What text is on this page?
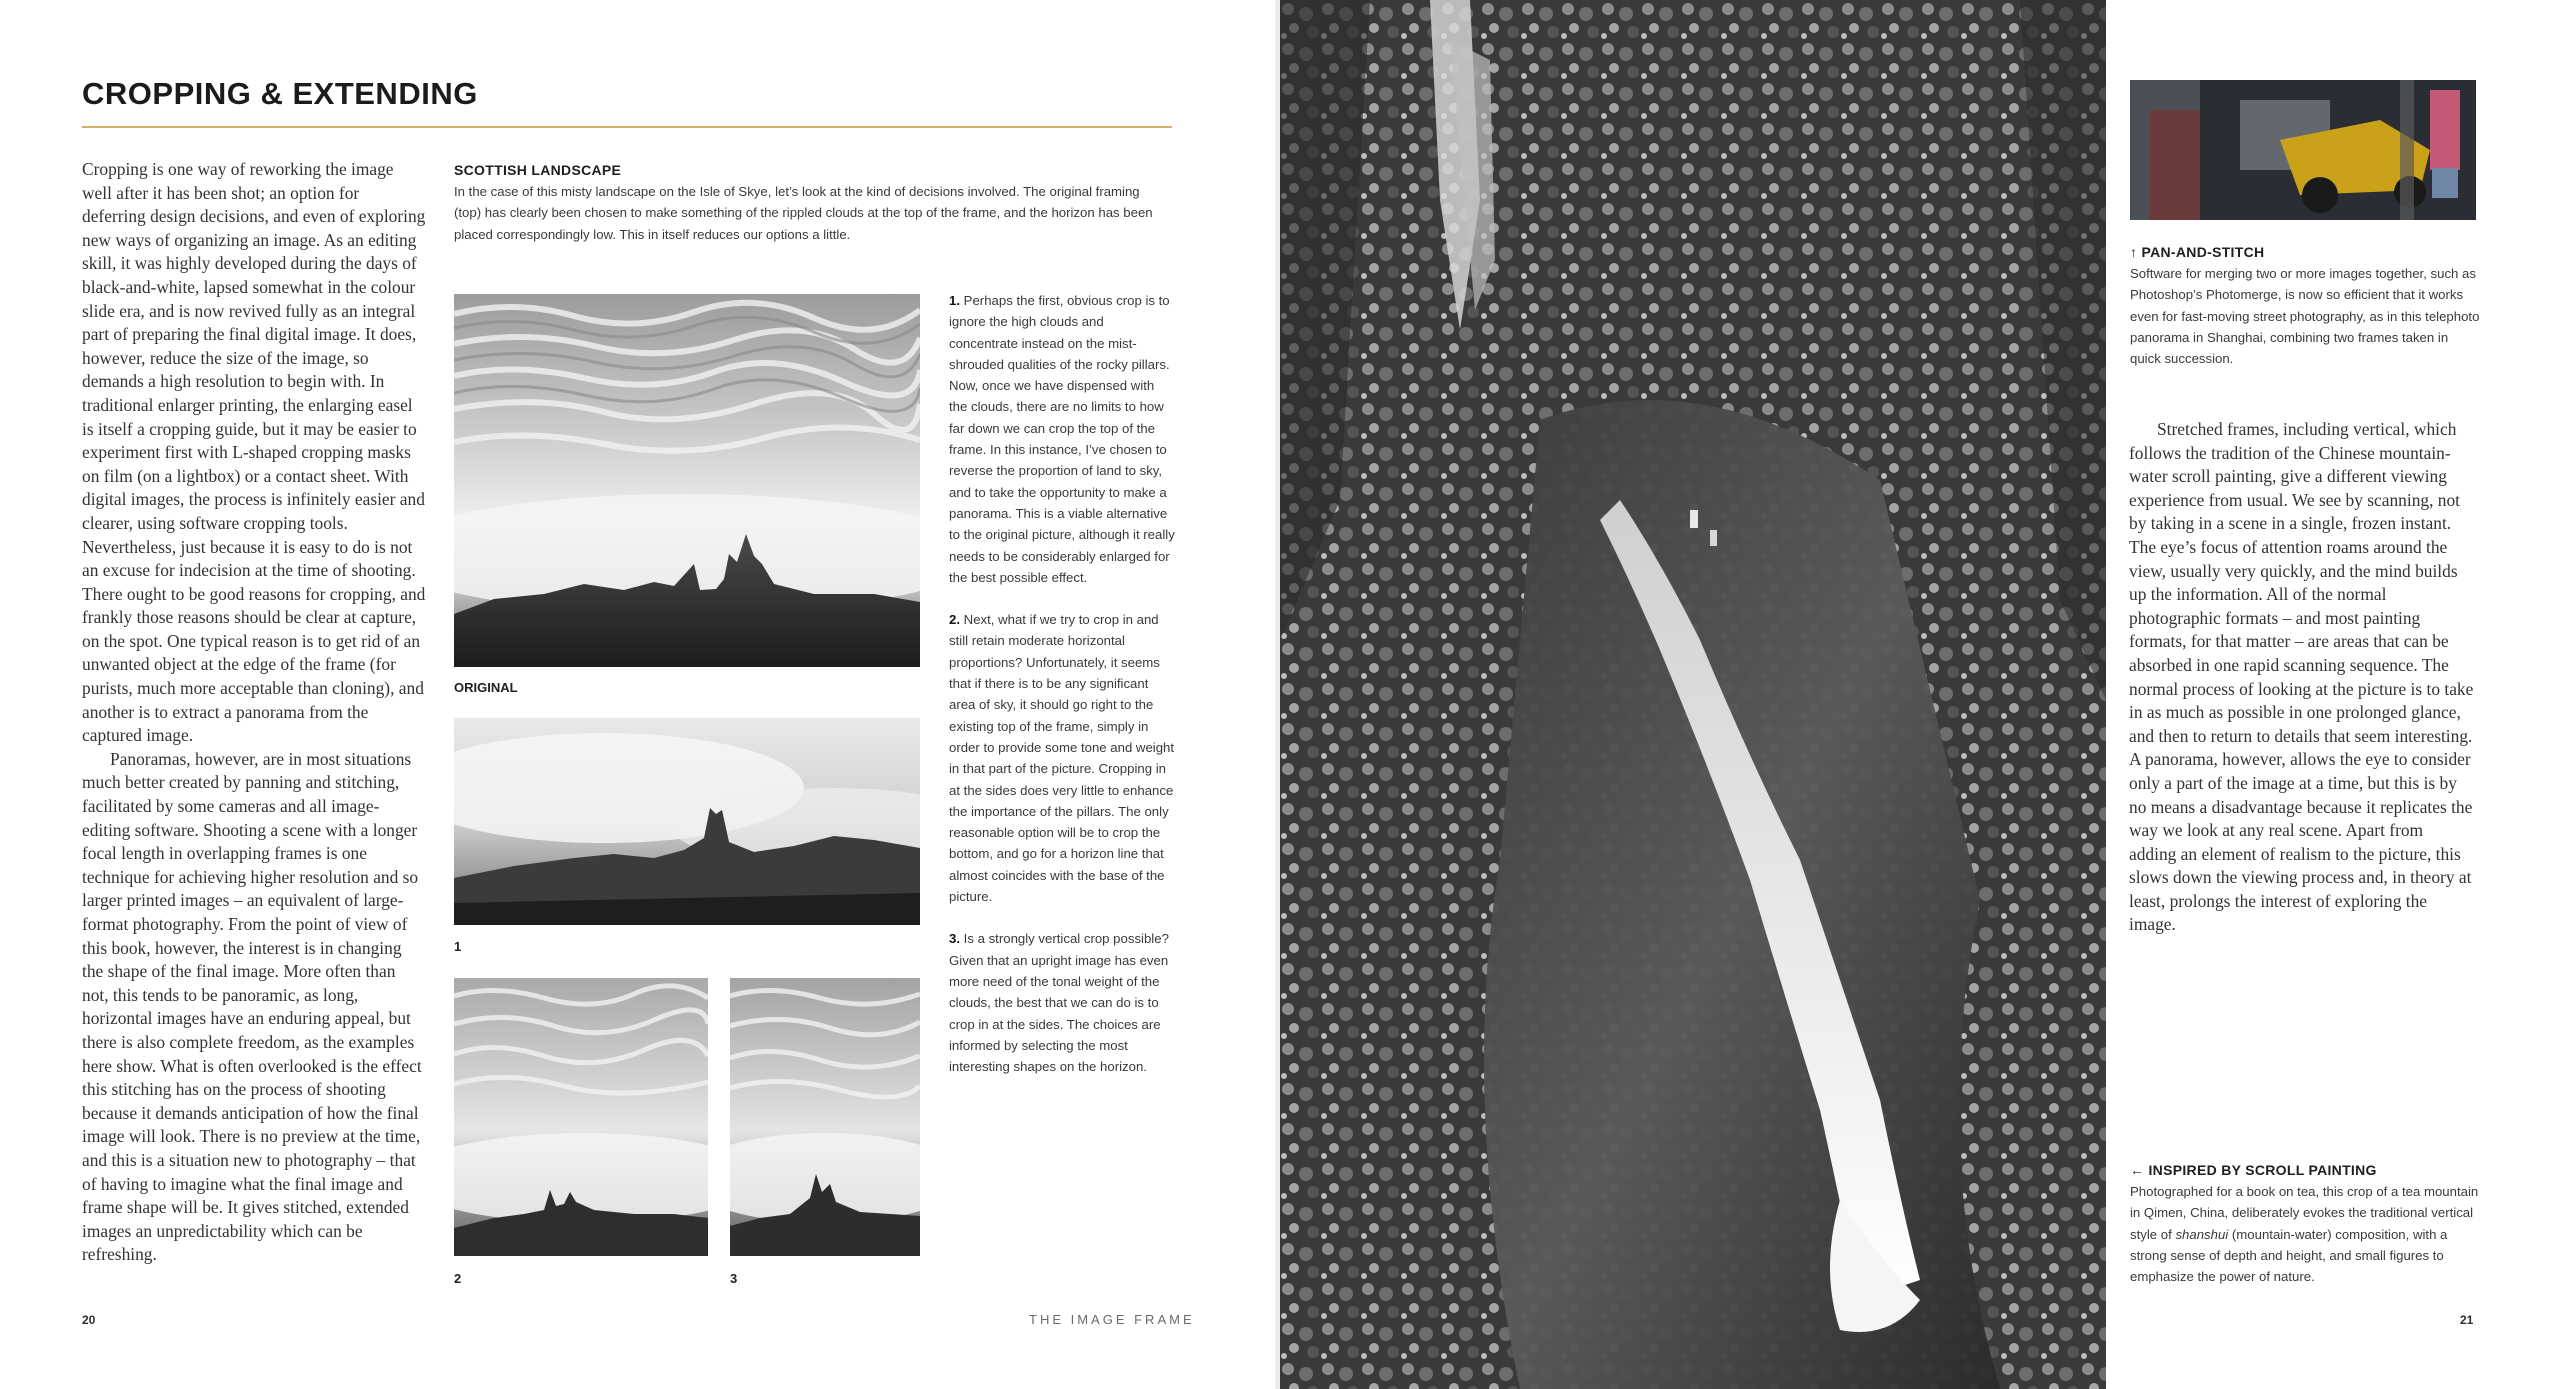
CROPPING & EXTENDING

Cropping is one way of reworking the image well after it has been shot; an option for deferring design decisions, and even of exploring new ways of organizing an image. As an editing skill, it was highly developed during the days of black-and-white, lapsed somewhat in the colour slide era, and is now revived fully as an integral part of preparing the final digital image. It does, however, reduce the size of the image, so demands a high resolution to begin with. In traditional enlarger printing, the enlarging easel is itself a cropping guide, but it may be easier to experiment first with L-shaped cropping masks on film (on a lightbox) or a contact sheet. With digital images, the process is infinitely easier and clearer, using software cropping tools. Nevertheless, just because it is easy to do is not an excuse for indecision at the time of shooting. There ought to be good reasons for cropping, and frankly those reasons should be clear at capture, on the spot. One typical reason is to get rid of an unwanted object at the edge of the frame (for purists, much more acceptable than cloning), and another is to extract a panorama from the captured image.

Panoramas, however, are in most situations much better created by panning and stitching, facilitated by some cameras and all image-editing software. Shooting a scene with a longer focal length in overlapping frames is one technique for achieving higher resolution and so larger printed images – an equivalent of large-format photography. From the point of view of this book, however, the interest is in changing the shape of the final image. More often than not, this tends to be panoramic, as long, horizontal images have an enduring appeal, but there is also complete freedom, as the examples here show. What is often overlooked is the effect this stitching has on the process of shooting because it demands anticipation of how the final image will look. There is no preview at the time, and this is a situation new to photography – that of having to imagine what the final image and frame shape will be. It gives stitched, extended images an unpredictability which can be refreshing.

SCOTTISH LANDSCAPE
In the case of this misty landscape on the Isle of Skye, let’s look at the kind of decisions involved. The original framing (top) has clearly been chosen to make something of the rippled clouds at the top of the frame, and the horizon has been placed correspondingly low. This in itself reduces our options a little.
ORIGINAL
1
2	3

1. Perhaps the first, obvious crop is to ignore the high clouds and concentrate instead on the mist-shrouded qualities of the rocky pillars. Now, once we have dispensed with the clouds, there are no limits to how far down we can crop the top of the frame. In this instance, I’ve chosen to reverse the proportion of land to sky, and to take the opportunity to make a panorama. This is a viable alternative to the original picture, although it really needs to be considerably enlarged for the best possible effect.

2. Next, what if we try to crop in and still retain moderate horizontal proportions? Unfortunately, it seems that if there is to be any significant area of sky, it should go right to the existing top of the frame, simply in order to provide some tone and weight in that part of the picture. Cropping in at the sides does very little to enhance the importance of the pillars. The only reasonable option will be to crop the bottom, and go for a horizon line that almost coincides with the base of the picture.

3. Is a strongly vertical crop possible? Given that an upright image has even more need of the tonal weight of the clouds, the best that we can do is to crop in at the sides. The choices are informed by selecting the most interesting shapes on the horizon.

↑ PAN-AND-STITCH
Software for merging two or more images together, such as Photoshop’s Photomerge, is now so efficient that it works even for fast-moving street photography, as in this telephoto panorama in Shanghai, combining two frames taken in quick succession.

Stretched frames, including vertical, which follows the tradition of the Chinese mountain-water scroll painting, give a different viewing experience from usual. We see by scanning, not by taking in a scene in a single, frozen instant. The eye’s focus of attention roams around the view, usually very quickly, and the mind builds up the information. All of the normal photographic formats – and most painting formats, for that matter – are areas that can be absorbed in one rapid scanning sequence. The normal process of looking at the picture is to take in as much as possible in one prolonged glance, and then to return to details that seem interesting. A panorama, however, allows the eye to consider only a part of the image at a time, but this is by no means a disadvantage because it replicates the way we look at any real scene. Apart from adding an element of realism to the picture, this slows down the viewing process and, in theory at least, prolongs the interest of exploring the image.

← INSPIRED BY SCROLL PAINTING
Photographed for a book on tea, this crop of a tea mountain in Qimen, China, deliberately evokes the traditional vertical style of shanshui (mountain-water) composition, with a strong sense of depth and height, and small figures to emphasize the power of nature.
20	THE IMAGE FRAME	21
